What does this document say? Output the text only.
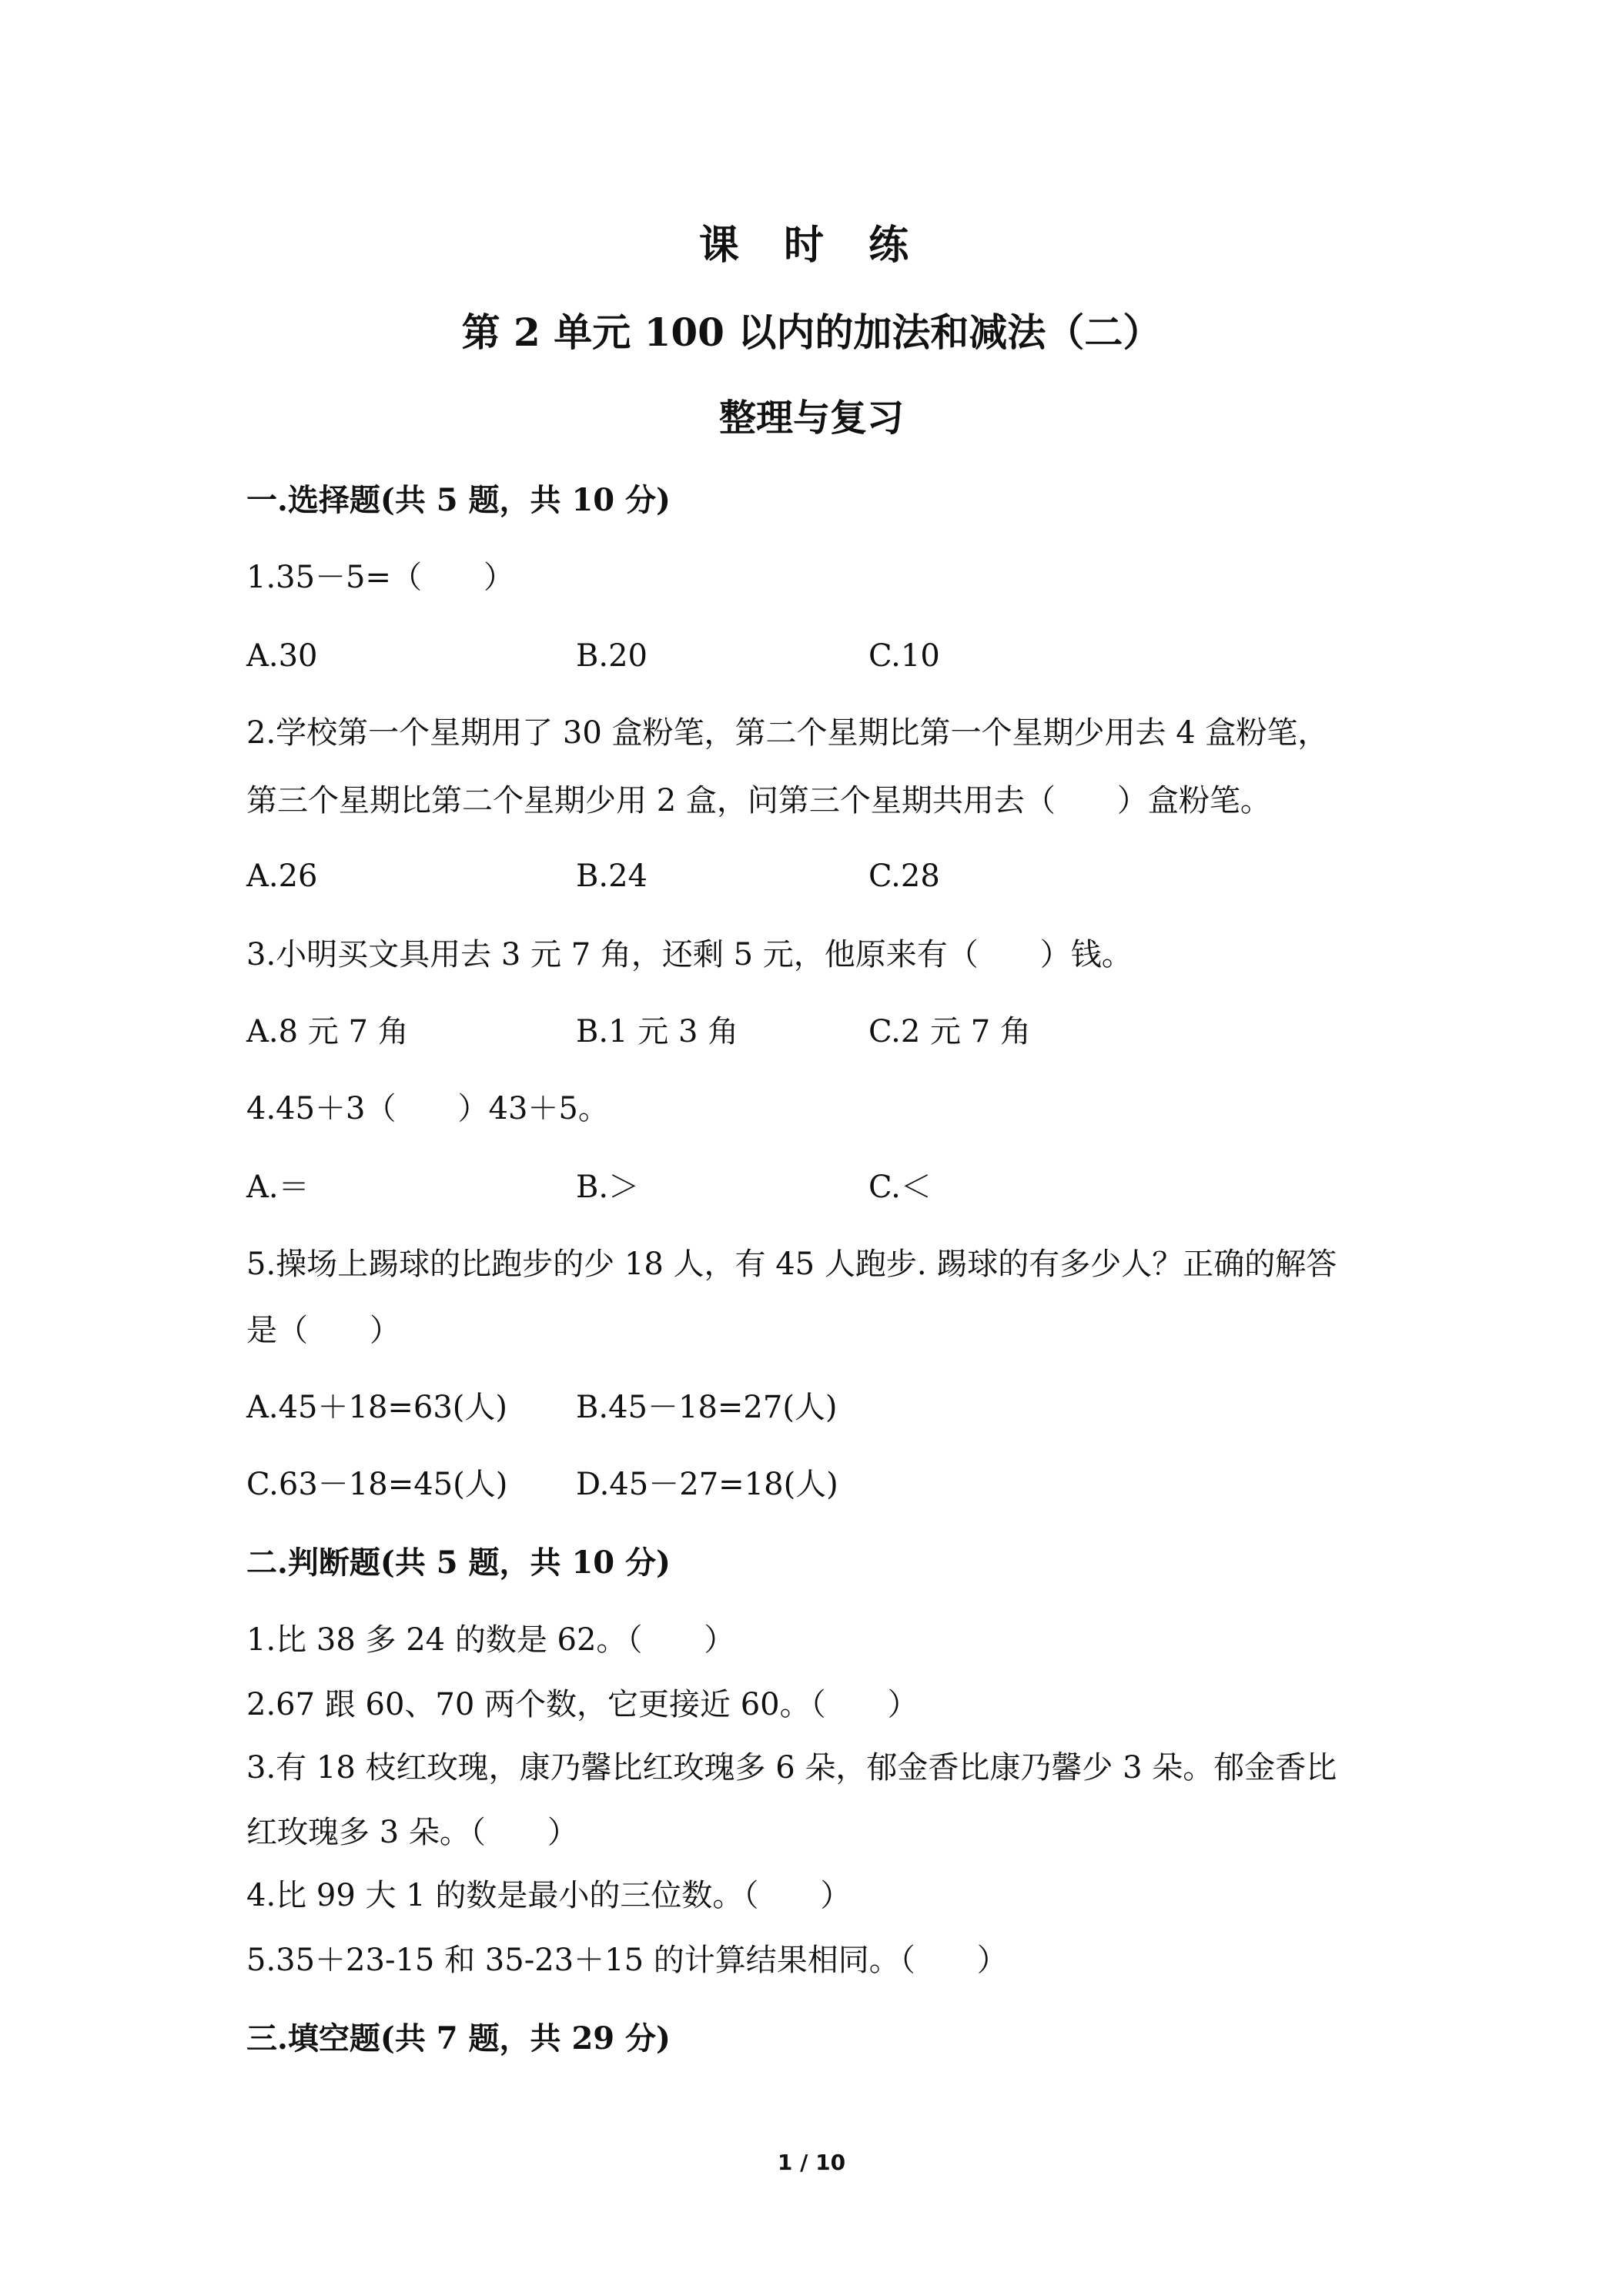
课 时 练
第 2 单元 100 以内的加法和减法（二）
整理与复习
一.选择题(共 5 题，共 10 分)
1.35－5=（　　）
A.30	B.20	C.10
2.学校第一个星期用了 30 盒粉笔，第二个星期比第一个星期少用去 4 盒粉笔，
第三个星期比第二个星期少用 2 盒，问第三个星期共用去（　　）盒粉笔。
A.26	B.24	C.28
3.小明买文具用去 3 元 7 角，还剩 5 元，他原来有（　　）钱。
A.8 元 7 角	B.1 元 3 角	C.2 元 7 角
4.45＋3（　　）43＋5。
A.＝	B.＞	C.＜
5.操场上踢球的比跑步的少 18 人，有 45 人跑步. 踢球的有多少人？正确的解答
是（　　）
A.45＋18=63(人) B.45－18=27(人)
C.63－18=45(人) D.45－27=18(人)
二.判断题(共 5 题，共 10 分)
1.比 38 多 24 的数是 62。（　　）
2.67 跟 60、70 两个数，它更接近 60。（　　）
3.有 18 枝红玫瑰，康乃馨比红玫瑰多 6 朵，郁金香比康乃馨少 3 朵。郁金香比
红玫瑰多 3 朵。（　　）
4.比 99 大 1 的数是最小的三位数。（　　）
5.35＋23-15 和 35-23＋15 的计算结果相同。（　　）
三.填空题(共 7 题，共 29 分)
1 / 10
